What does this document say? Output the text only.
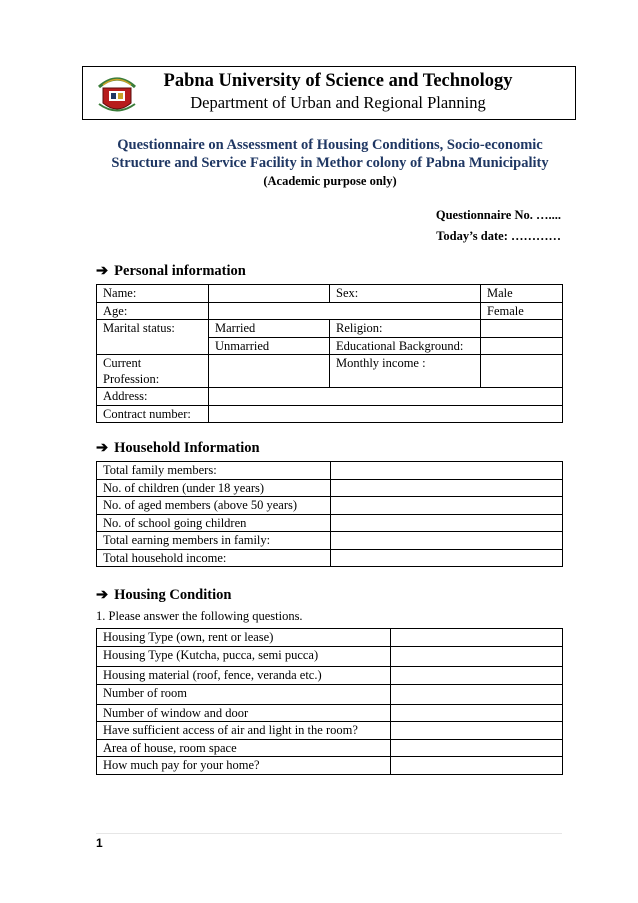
Pabna University of Science and Technology
Department of Urban and Regional Planning
Questionnaire on Assessment of Housing Conditions, Socio-economic
Structure and Service Facility in Methor colony of Pabna Municipality
(Academic purpose only)
Questionnaire No. …....
Today’s date: …………
➔ Personal information
Name:		Sex:	Male
Age:			Female
Marital status:	Married	Religion:	
	Unmarried	Educational Background:	
Current
Profession:		Monthly income :	
Address:			
Contract number:			
➔ Household Information
Total family members:	
No. of children (under 18 years)	
No. of aged members (above 50 years)	
No. of school going children	
Total earning members in family:	
Total household income:	
➔ Housing Condition
1. Please answer the following questions.
Housing Type (own, rent or lease)	
Housing Type (Kutcha, pucca, semi pucca)	
Housing material (roof, fence, veranda etc.)	
Number of room	
Number of window and door	
Have sufficient access of air and light in the room?	
Area of house, room space	
How much pay for your home?	
1
